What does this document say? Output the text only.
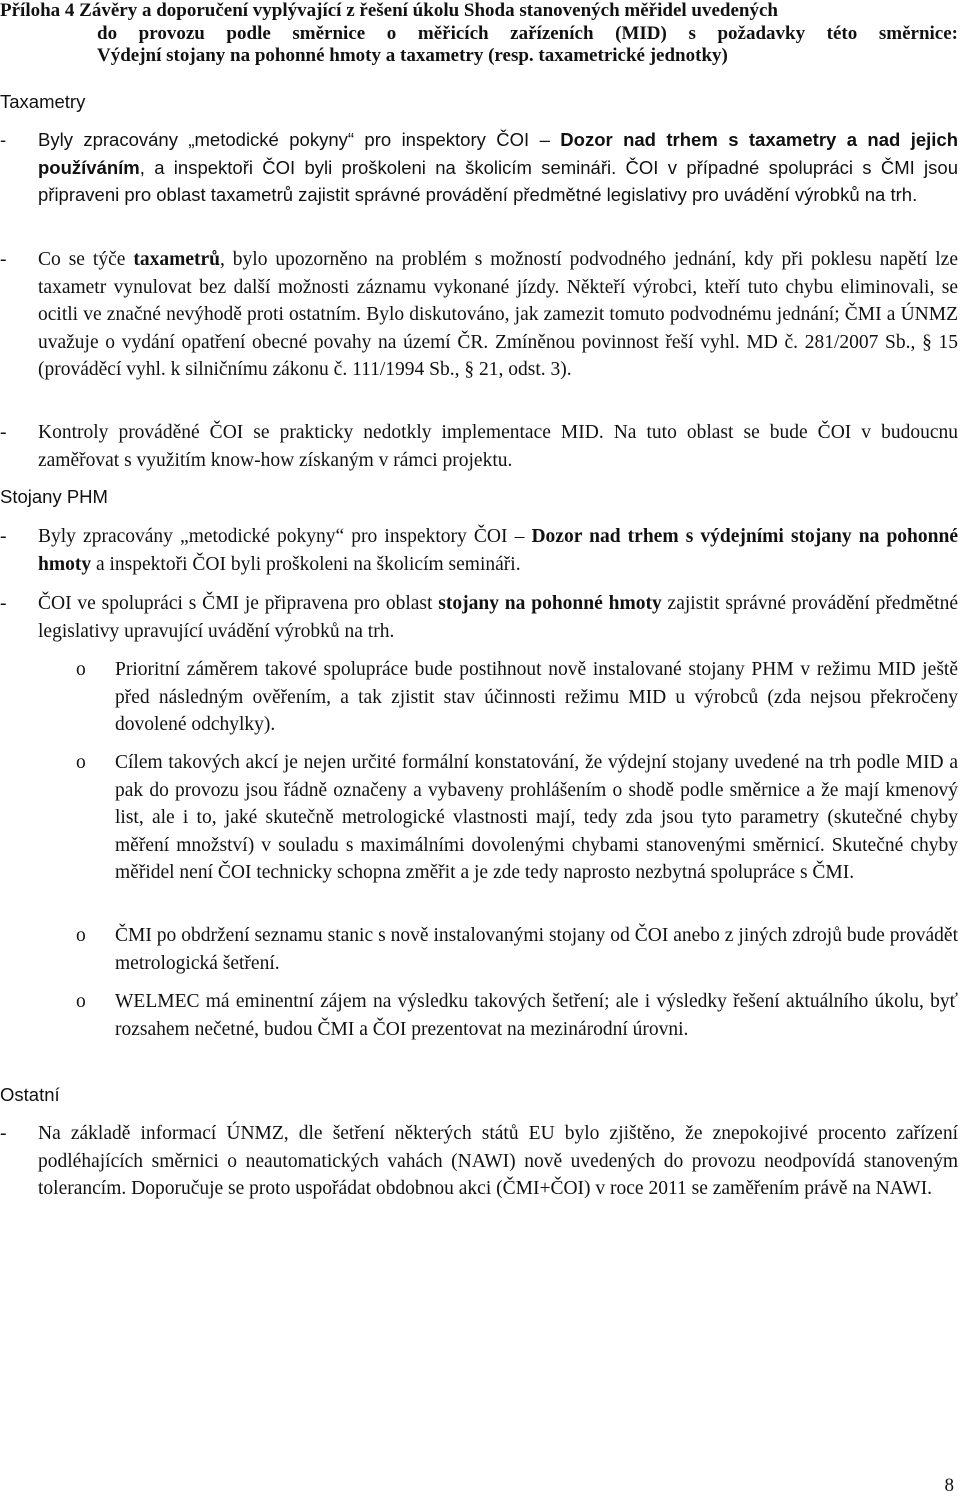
Příloha 4 Závěry a doporučení vyplývající z řešení úkolu Shoda stanovených měřidel uvedených
do provozu podle směrnice o měřicích zařízeních (MID) s požadavky této směrnice:
Výdejní stojany na pohonné hmoty a taxametry (resp. taxametrické jednotky)
Taxametry
- Byly zpracovány „metodické pokyny“ pro inspektory ČOI – Dozor nad trhem s taxametry a nad jejich používáním, a inspektoři ČOI byli proškoleni na školicím semináři. ČOI v případné spolupráci s ČMI jsou připraveni pro oblast taxametrů zajistit správné provádění předmětné legislativy pro uvádění výrobků na trh.
- Co se týče taxametrů, bylo upozorněno na problém s možností podvodného jednání, kdy při poklesu napětí lze taxametr vynulovat bez další možnosti záznamu vykonané jízdy. Někteří výrobci, kteří tuto chybu eliminovali, se ocitli ve značné nevýhodě proti ostatním. Bylo diskutováno, jak zamezit tomuto podvodnému jednání; ČMI a ÚNMZ uvažuje o vydání opatření obecné povahy na území ČR. Zmíněnou povinnost řeší vyhl. MD č. 281/2007 Sb., § 15 (prováděcí vyhl. k silničnímu zákonu č. 111/1994 Sb., § 21, odst. 3).
- Kontroly prováděné ČOI se prakticky nedotkly implementace MID. Na tuto oblast se bude ČOI v budoucnu zaměřovat s využitím know-how získaným v rámci projektu.
Stojany PHM
- Byly zpracovány „metodické pokyny“ pro inspektory ČOI – Dozor nad trhem s výdejními stojany na pohonné hmoty a inspektoři ČOI byli proškoleni na školicím semináři.
- ČOI ve spolupráci s ČMI je připravena pro oblast stojany na pohonné hmoty zajistit správné provádění předmětné legislativy upravující uvádění výrobků na trh.
o Prioritní záměrem takové spolupráce bude postihnout nově instalované stojany PHM v režimu MID ještě před následným ověřením, a tak zjistit stav účinnosti režimu MID u výrobců (zda nejsou překročeny dovolené odchylky).
o Cílem takových akcí je nejen určité formální konstatování, že výdejní stojany uvedené na trh podle MID a pak do provozu jsou řádně označeny a vybaveny prohlášením o shodě podle směrnice a že mají kmenový list, ale i to, jaké skutečně metrologické vlastnosti mají, tedy zda jsou tyto parametry (skutečné chyby měření množství) v souladu s maximálními dovolenými chybami stanovenými směrnicí. Skutečné chyby měřidel není ČOI technicky schopna změřit a je zde tedy naprosto nezbytná spolupráce s ČMI.
o ČMI po obdržení seznamu stanic s nově instalovanými stojany od ČOI anebo z jiných zdrojů bude provádět metrologická šetření.
o WELMEC má eminentní zájem na výsledku takových šetření; ale i výsledky řešení aktuálního úkolu, byť rozsahem nečetné, budou ČMI a ČOI prezentovat na mezinárodní úrovni.
Ostatní
- Na základě informací ÚNMZ, dle šetření některých států EU bylo zjištěno, že znepokojivé procento zařízení podléhajících směrnici o neautomatických vahách (NAWI) nově uvedených do provozu neodpovídá stanoveným tolerancím. Doporučuje se proto uspořádat obdobnou akci (ČMI+ČOI) v roce 2011 se zaměřením právě na NAWI.
8
